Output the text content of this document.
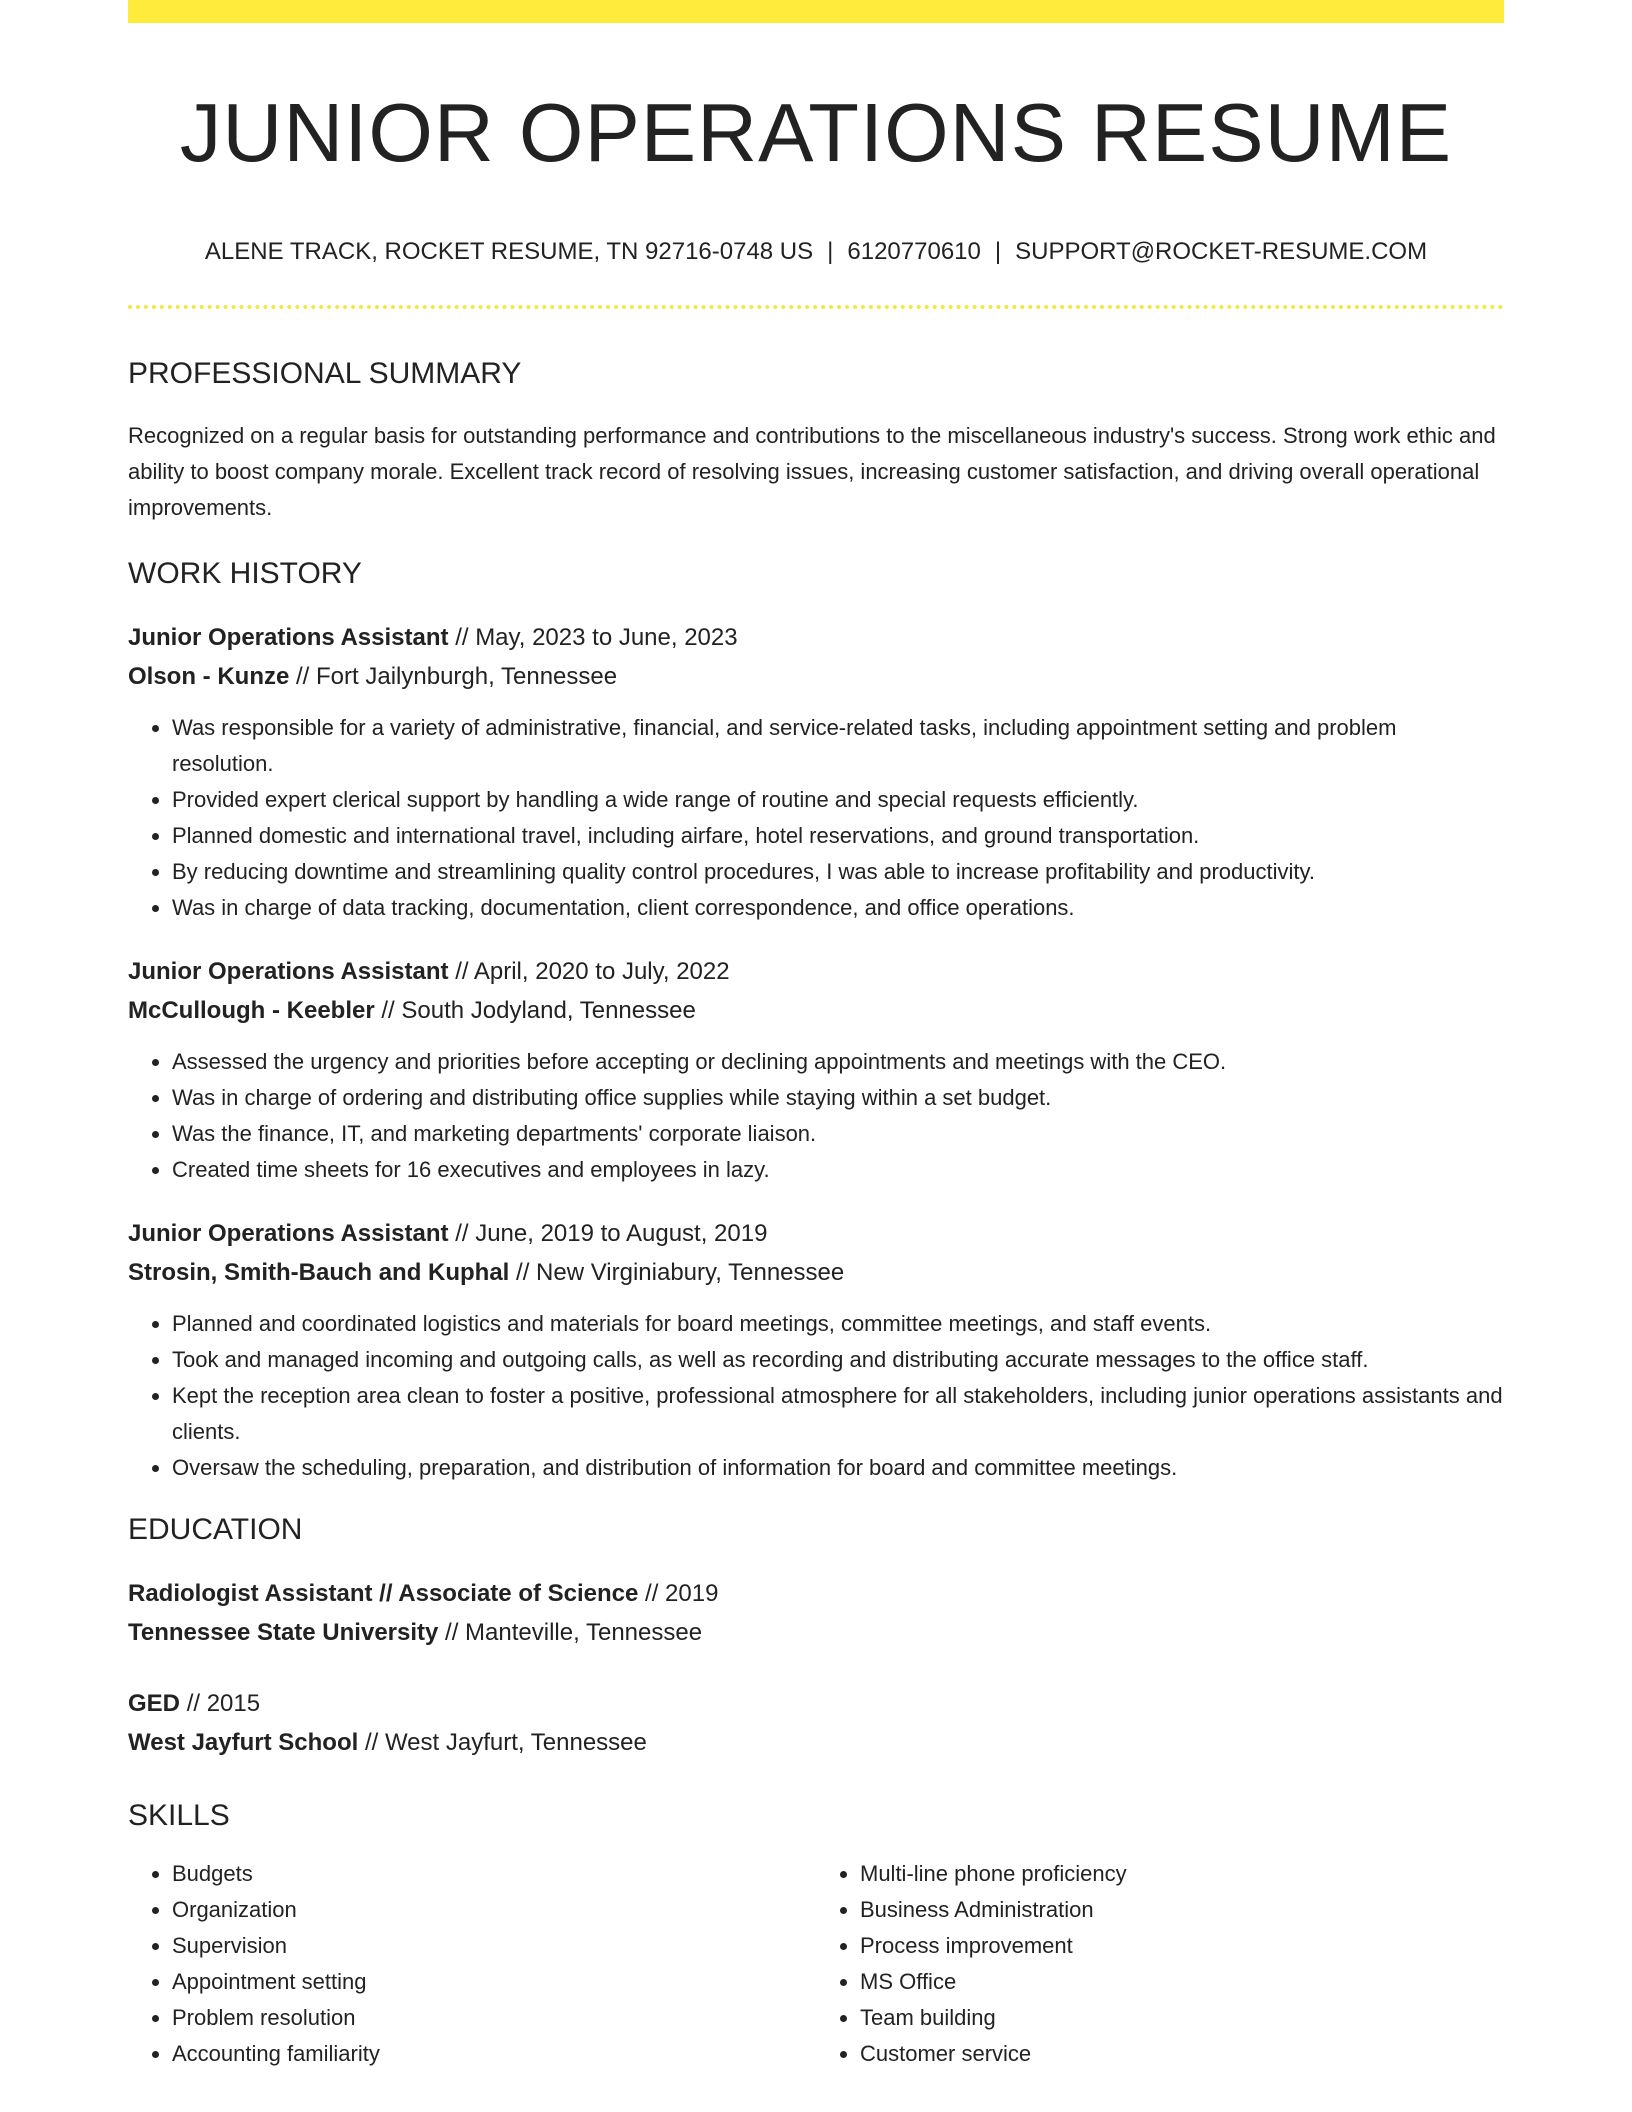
JUNIOR OPERATIONS RESUME
ALENE TRACK, ROCKET RESUME, TN 92716-0748 US | 6120770610 | SUPPORT@ROCKET-RESUME.COM
PROFESSIONAL SUMMARY
Recognized on a regular basis for outstanding performance and contributions to the miscellaneous industry's success. Strong work ethic and ability to boost company morale. Excellent track record of resolving issues, increasing customer satisfaction, and driving overall operational improvements.
WORK HISTORY
Junior Operations Assistant // May, 2023 to June, 2023
Olson - Kunze // Fort Jailynburgh, Tennessee
• Was responsible for a variety of administrative, financial, and service-related tasks, including appointment setting and problem resolution.
• Provided expert clerical support by handling a wide range of routine and special requests efficiently.
• Planned domestic and international travel, including airfare, hotel reservations, and ground transportation.
• By reducing downtime and streamlining quality control procedures, I was able to increase profitability and productivity.
• Was in charge of data tracking, documentation, client correspondence, and office operations.
Junior Operations Assistant // April, 2020 to July, 2022
McCullough - Keebler // South Jodyland, Tennessee
• Assessed the urgency and priorities before accepting or declining appointments and meetings with the CEO.
• Was in charge of ordering and distributing office supplies while staying within a set budget.
• Was the finance, IT, and marketing departments' corporate liaison.
• Created time sheets for 16 executives and employees in lazy.
Junior Operations Assistant // June, 2019 to August, 2019
Strosin, Smith-Bauch and Kuphal // New Virginiabury, Tennessee
• Planned and coordinated logistics and materials for board meetings, committee meetings, and staff events.
• Took and managed incoming and outgoing calls, as well as recording and distributing accurate messages to the office staff.
• Kept the reception area clean to foster a positive, professional atmosphere for all stakeholders, including junior operations assistants and clients.
• Oversaw the scheduling, preparation, and distribution of information for board and committee meetings.
EDUCATION
Radiologist Assistant // Associate of Science // 2019
Tennessee State University // Manteville, Tennessee
GED // 2015
West Jayfurt School // West Jayfurt, Tennessee
SKILLS
• Budgets
• Organization
• Supervision
• Appointment setting
• Problem resolution
• Accounting familiarity
• Multi-line phone proficiency
• Business Administration
• Process improvement
• MS Office
• Team building
• Customer service
